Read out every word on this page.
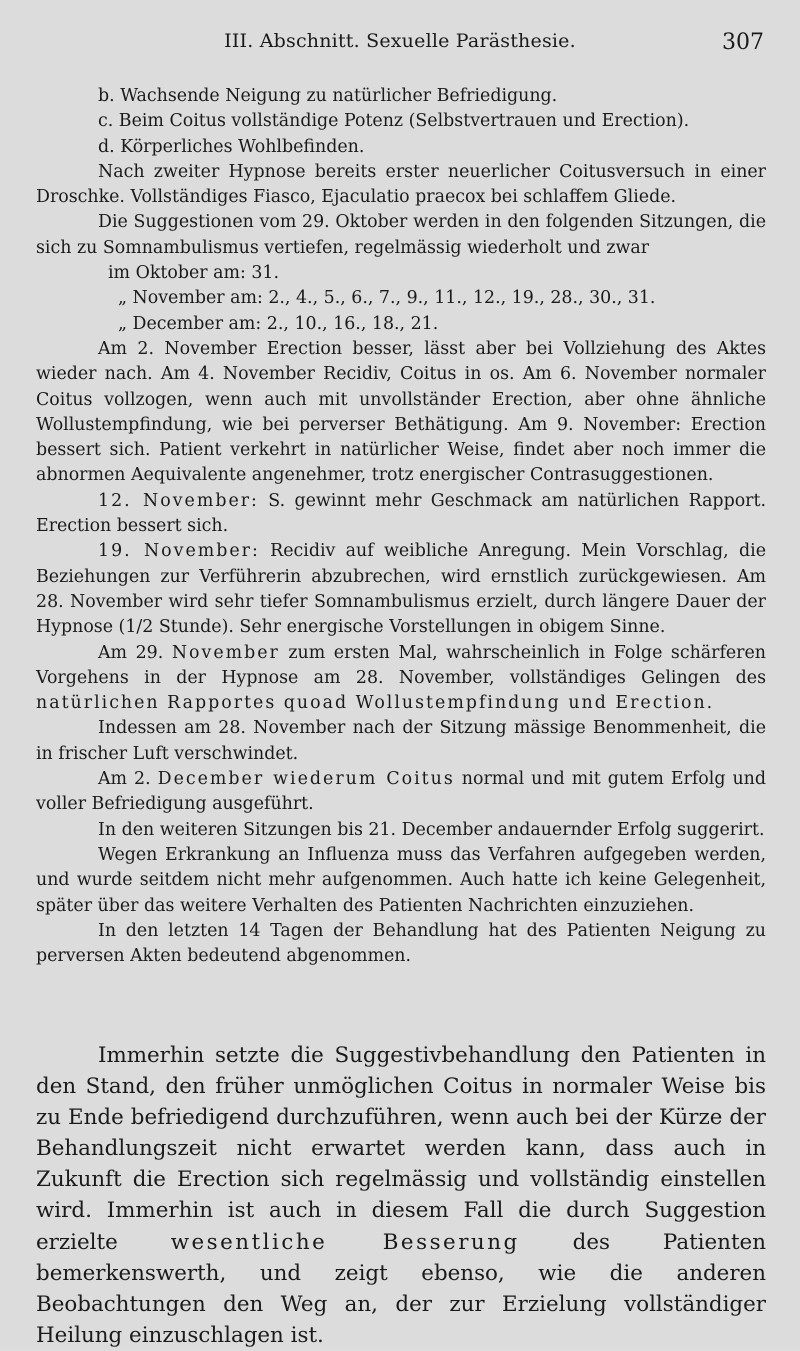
III. Abschnitt. Sexuelle Parästhesie.	307

b. Wachsende Neigung zu natürlicher Befriedigung.

c. Beim Coitus vollständige Potenz (Selbstvertrauen und Erection).

d. Körperliches Wohlbefinden.

Nach zweiter Hypnose bereits erster neuerlicher Coitusversuch in einer Droschke. Vollständiges Fiasco, Ejaculatio praecox bei schlaffem Gliede.

Die Suggestionen vom 29. Oktober werden in den folgenden Sitzungen, die sich zu Somnambulismus vertiefen, regelmässig wiederholt und zwar

im Oktober am: 31.

„ November am: 2., 4., 5., 6., 7., 9., 11., 12., 19., 28., 30., 31.

„ December am: 2., 10., 16., 18., 21.

Am 2. November Erection besser, lässt aber bei Vollziehung des Aktes wieder nach. Am 4. November Recidiv, Coitus in os. Am 6. November normaler Coitus vollzogen, wenn auch mit unvollständer Erection, aber ohne ähnliche Wollustempfindung, wie bei perverser Bethätigung. Am 9. November: Erection bessert sich. Patient verkehrt in natürlicher Weise, findet aber noch immer die abnormen Aequivalente angenehmer, trotz energischer Contrasuggestionen.

12. November: S. gewinnt mehr Geschmack am natürlichen Rapport. Erection bessert sich.

19. November: Recidiv auf weibliche Anregung. Mein Vorschlag, die Beziehungen zur Verführerin abzubrechen, wird ernstlich zurückgewiesen. Am 28. November wird sehr tiefer Somnambulismus erzielt, durch längere Dauer der Hypnose (1/2 Stunde). Sehr energische Vorstellungen in obigem Sinne.

Am 29. November zum ersten Mal, wahrscheinlich in Folge schärferen Vorgehens in der Hypnose am 28. November, vollständiges Gelingen des natürlichen Rapportes quoad Wollustempfindung und Erection.

Indessen am 28. November nach der Sitzung mässige Benommenheit, die in frischer Luft verschwindet.

Am 2. December wiederum Coitus normal und mit gutem Erfolg und voller Befriedigung ausgeführt.

In den weiteren Sitzungen bis 21. December andauernder Erfolg suggerirt.

Wegen Erkrankung an Influenza muss das Verfahren aufgegeben werden, und wurde seitdem nicht mehr aufgenommen. Auch hatte ich keine Gelegenheit, später über das weitere Verhalten des Patienten Nachrichten einzuziehen.

In den letzten 14 Tagen der Behandlung hat des Patienten Neigung zu perversen Akten bedeutend abgenommen.

Immerhin setzte die Suggestivbehandlung den Patienten in den Stand, den früher unmöglichen Coitus in normaler Weise bis zu Ende befriedigend durchzuführen, wenn auch bei der Kürze der Behandlungszeit nicht erwartet werden kann, dass auch in Zukunft die Erection sich regelmässig und vollständig einstellen wird. Immerhin ist auch in diesem Fall die durch Suggestion erzielte wesentliche Besserung des Patienten bemerkenswerth, und zeigt ebenso, wie die anderen Beobachtungen den Weg an, der zur Erzielung vollständiger Heilung einzuschlagen ist.
